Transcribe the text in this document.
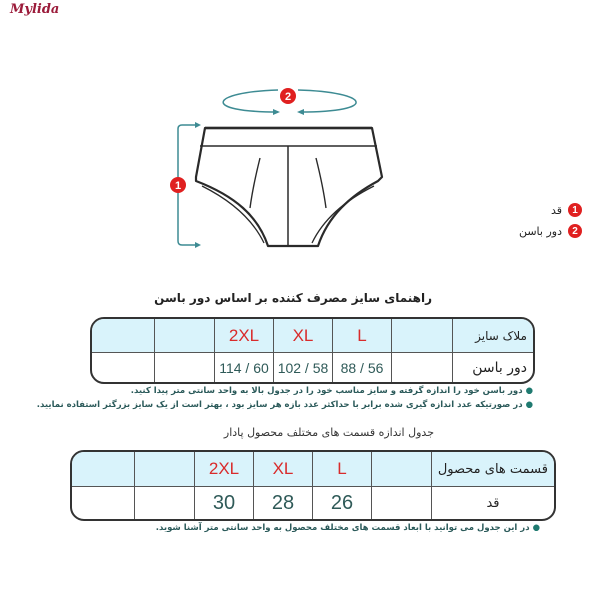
Mylida
2
1
1
قد
2
دور باسن
راهنمای سایز مصرف کننده بر اساس دور باسن
		2XL	XL	L		ملاک سایز
		114 / 60	102 / 58	88 / 56		دور باسن
●دور باسن خود را اندازه گرفته و سایز مناسب خود را در جدول بالا به واحد سانتی متر پیدا کنید.
●در صورتیکه عدد اندازه گیری شده برابر با حداکثر عدد بازه هر سایز بود ، بهتر است از یک سایز بزرگتر استفاده نمایید.
جدول اندازه قسمت های مختلف محصول پادار
		2XL	XL	L		قسمت های محصول
		30	28	26		قد
●در این جدول می توانید با ابعاد قسمت های مختلف محصول به واحد سانتی متر آشنا شوید.
